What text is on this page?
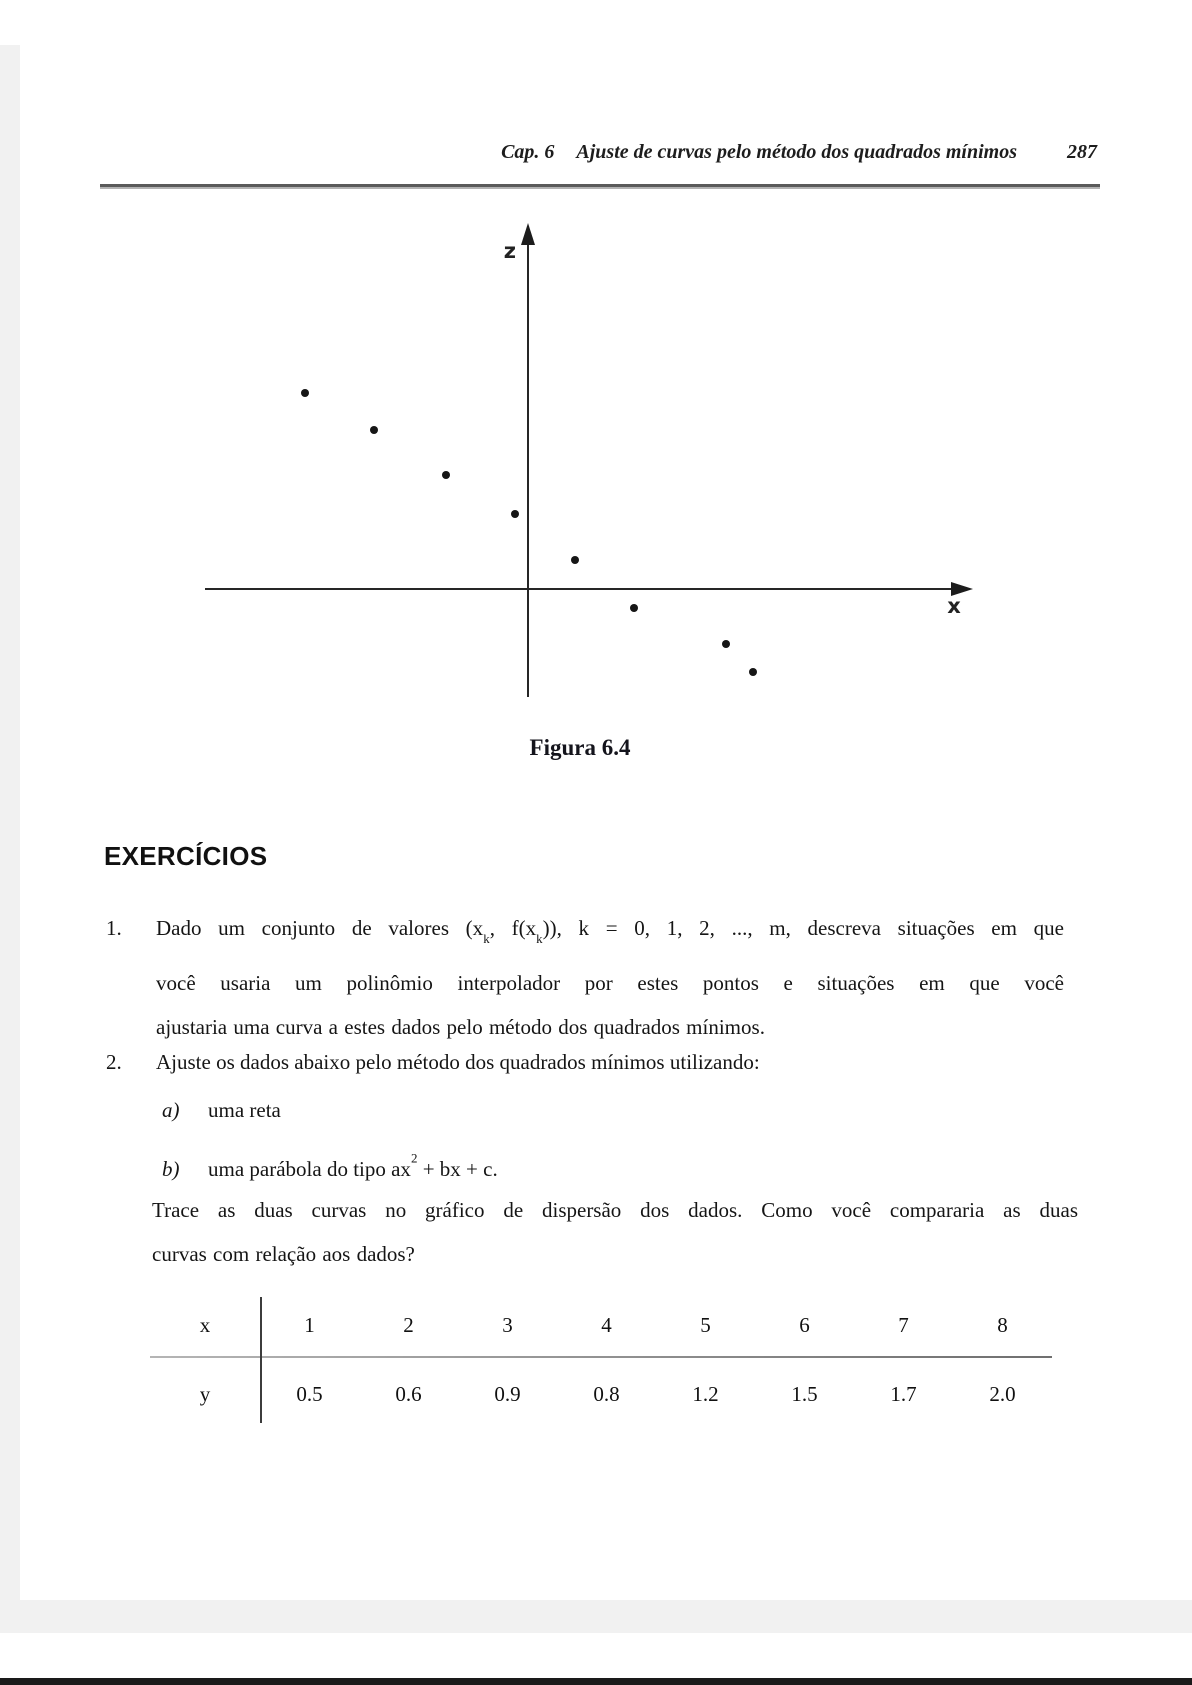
Cap. 6 Ajuste de curvas pelo método dos quadrados mínimos	287
z
x
Figura 6.4
EXERCÍCIOS
1.	Dado um conjunto de valores ($x_k$, $f(x_k)$), k = 0, 1, 2, ..., m, descreva situações em que
você usaria um polinômio interpolador por estes pontos e situações em que você
ajustaria uma curva a estes dados pelo método dos quadrados mínimos.
2.	Ajuste os dados abaixo pelo método dos quadrados mínimos utilizando:
a) uma reta
b) uma parábola do tipo $ax^2$ + bx + c.
Trace as duas curvas no gráfico de dispersão dos dados. Como você compararia as duas
curvas com relação aos dados?
x	1	2	3	4	5	6	7	8
y	0.5	0.6	0.9	0.8	1.2	1.5	1.7	2.0
